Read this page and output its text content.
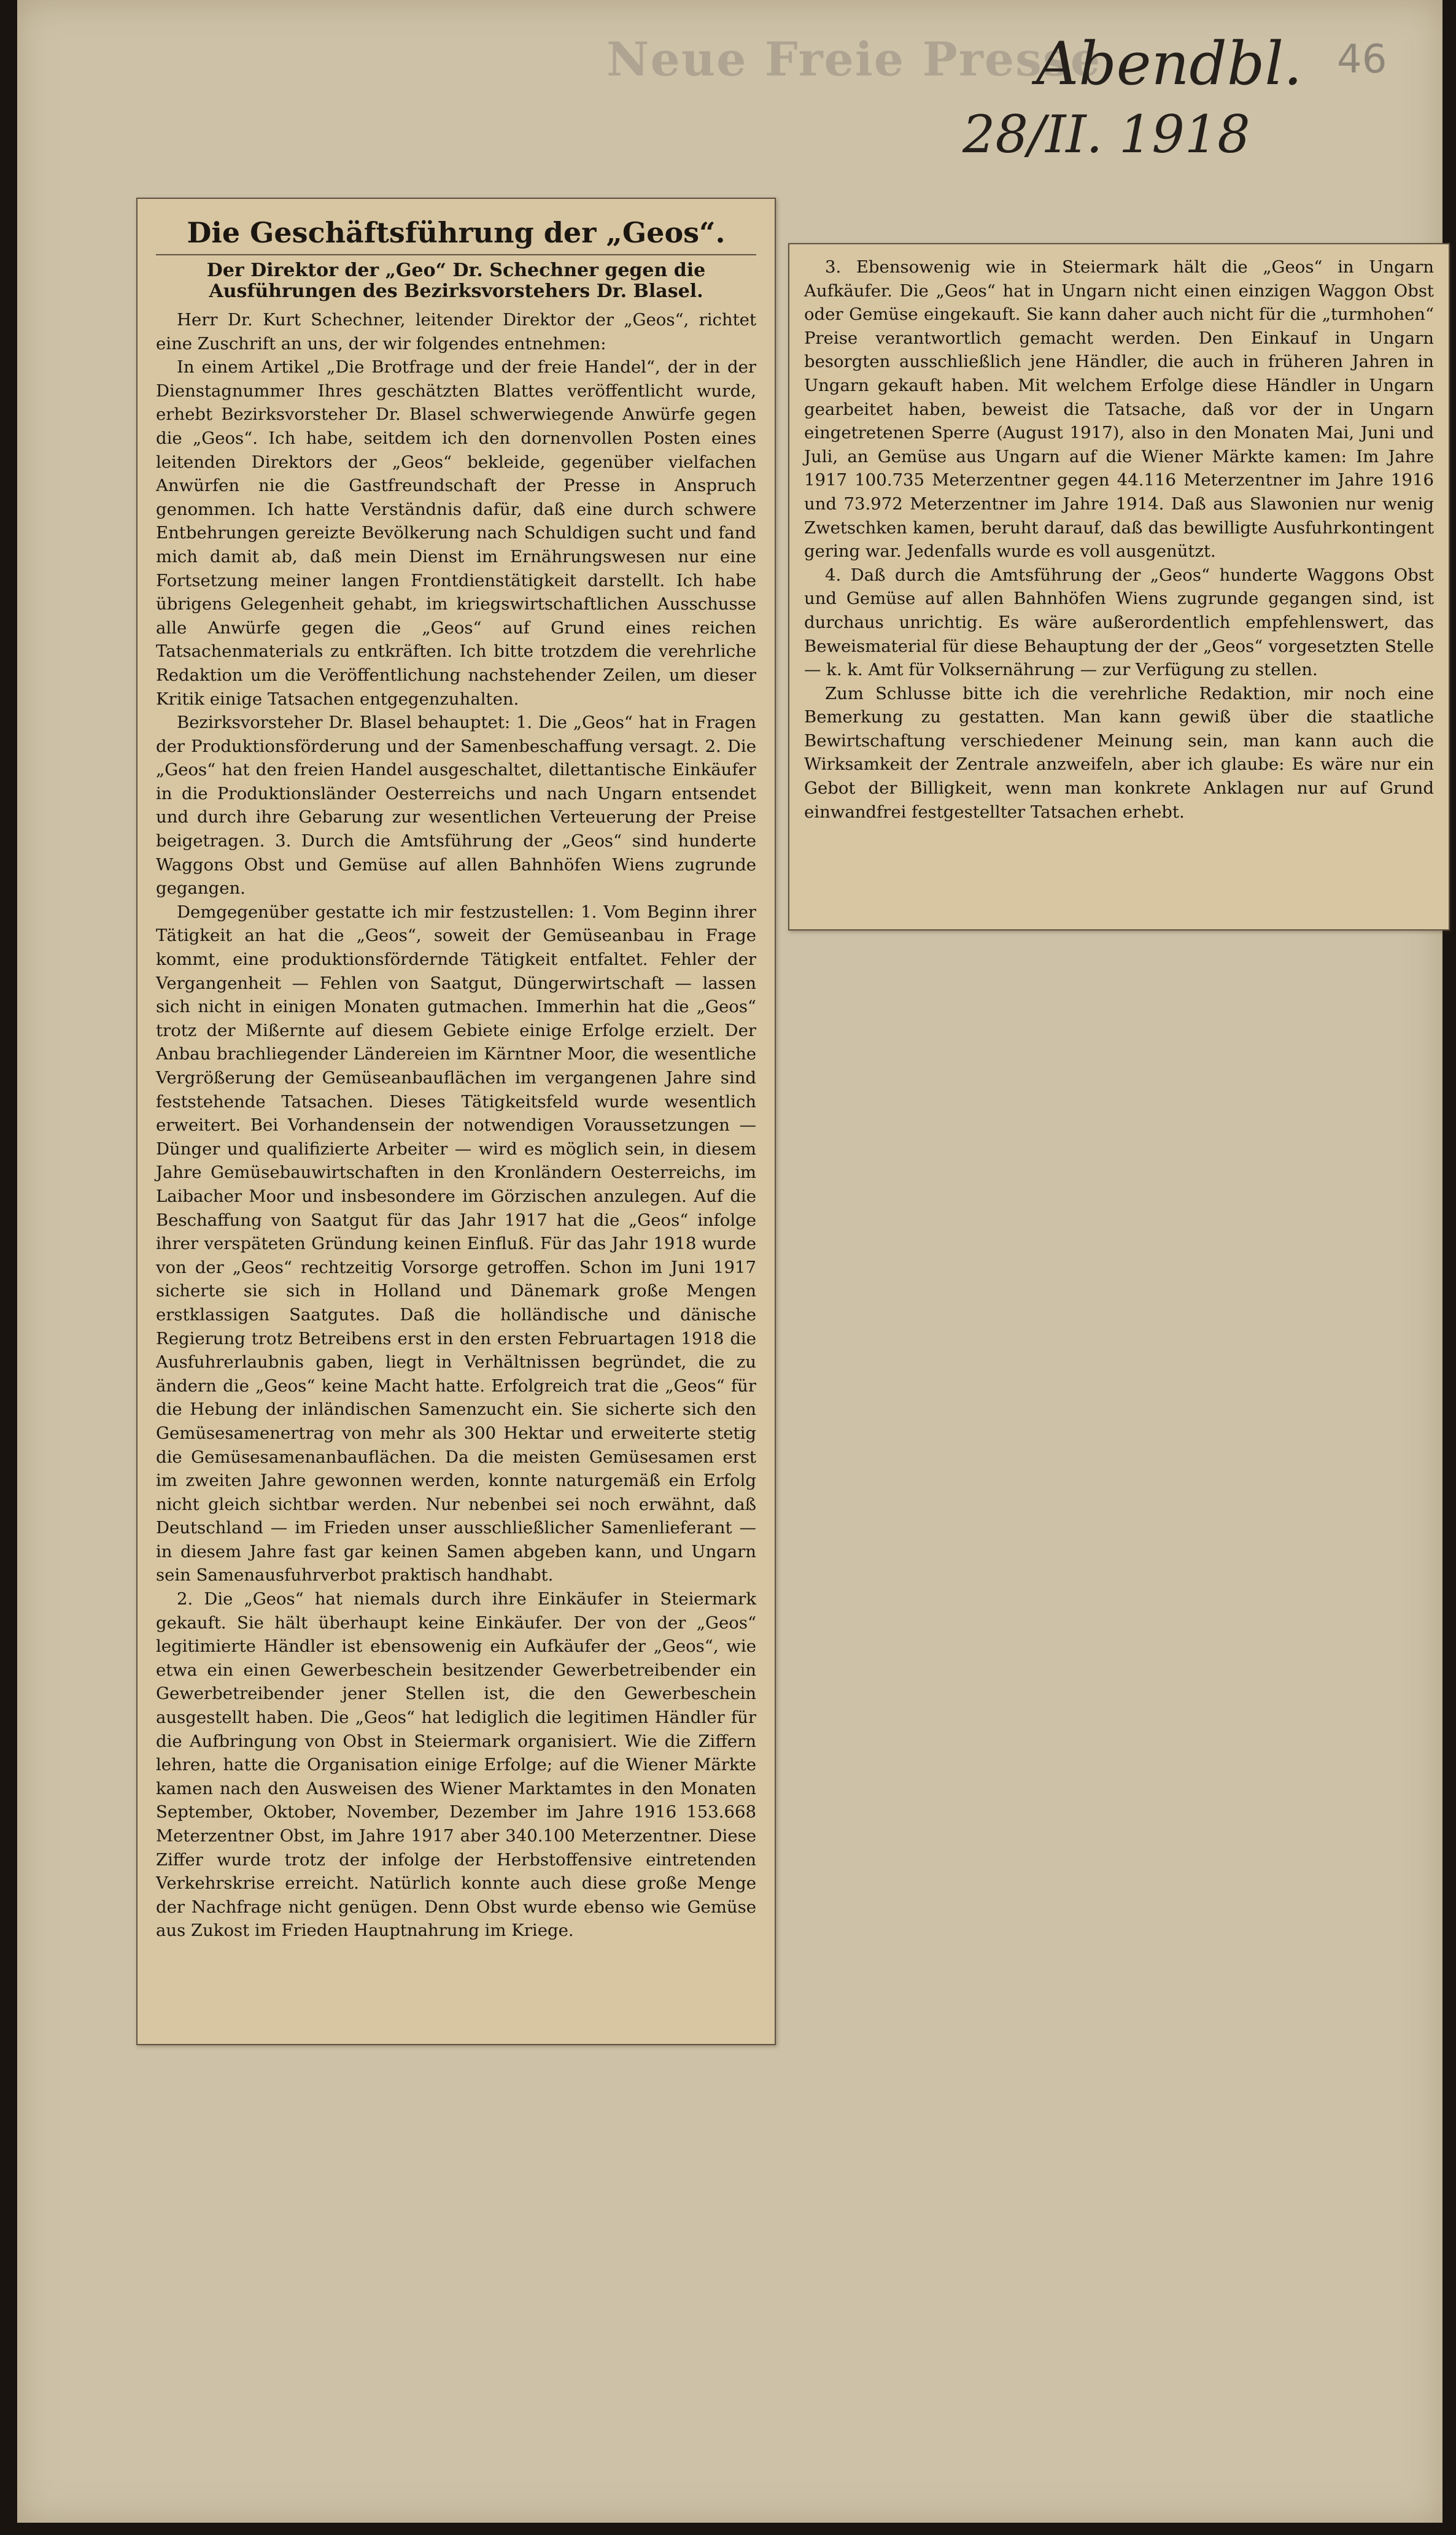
Neue Freie Presse
Abendbl.
28/II. 1918
46
Die Geschäftsführung der „Geos“.
Der Direktor der „Geo“ Dr. Schechner gegen die Ausführungen des Bezirksvorstehers Dr. Blasel.

Herr Dr. Kurt Schechner, leitender Direktor der „Geos“, richtet eine Zuschrift an uns, der wir folgendes entnehmen:

In einem Artikel „Die Brotfrage und der freie Handel“, der in der Dienstagnummer Ihres geschätzten Blattes veröffentlicht wurde, erhebt Bezirksvorsteher Dr. Blasel schwerwiegende Anwürfe gegen die „Geos“. Ich habe, seitdem ich den dornenvollen Posten eines leitenden Direktors der „Geos“ bekleide, gegenüber vielfachen Anwürfen nie die Gastfreundschaft der Presse in Anspruch genommen. Ich hatte Verständnis dafür, daß eine durch schwere Entbehrungen gereizte Bevölkerung nach Schuldigen sucht und fand mich damit ab, daß mein Dienst im Ernährungswesen nur eine Fortsetzung meiner langen Frontdienstätigkeit darstellt. Ich habe übrigens Gelegenheit gehabt, im kriegswirtschaftlichen Ausschusse alle Anwürfe gegen die „Geos“ auf Grund eines reichen Tatsachenmaterials zu entkräften. Ich bitte trotzdem die verehrliche Redaktion um die Veröffentlichung nachstehender Zeilen, um dieser Kritik einige Tatsachen entgegenzuhalten.

Bezirksvorsteher Dr. Blasel behauptet: 1. Die „Geos“ hat in Fragen der Produktionsförderung und der Samenbeschaffung versagt. 2. Die „Geos“ hat den freien Handel ausgeschaltet, dilettantische Einkäufer in die Produktionsländer Oesterreichs und nach Ungarn entsendet und durch ihre Gebarung zur wesentlichen Verteuerung der Preise beigetragen. 3. Durch die Amtsführung der „Geos“ sind hunderte Waggons Obst und Gemüse auf allen Bahnhöfen Wiens zugrunde gegangen.

Demgegenüber gestatte ich mir festzustellen: 1. Vom Beginn ihrer Tätigkeit an hat die „Geos“, soweit der Gemüseanbau in Frage kommt, eine produktionsfördernde Tätigkeit entfaltet. Fehler der Vergangenheit — Fehlen von Saatgut, Düngerwirtschaft — lassen sich nicht in einigen Monaten gutmachen. Immerhin hat die „Geos“ trotz der Mißernte auf diesem Gebiete einige Erfolge erzielt. Der Anbau brachliegender Ländereien im Kärntner Moor, die wesentliche Vergrößerung der Gemüseanbauflächen im vergangenen Jahre sind feststehende Tatsachen. Dieses Tätigkeitsfeld wurde wesentlich erweitert. Bei Vorhandensein der notwendigen Voraussetzungen — Dünger und qualifizierte Arbeiter — wird es möglich sein, in diesem Jahre Gemüsebauwirtschaften in den Kronländern Oesterreichs, im Laibacher Moor und insbesondere im Görzischen anzulegen. Auf die Beschaffung von Saatgut für das Jahr 1917 hat die „Geos“ infolge ihrer verspäteten Gründung keinen Einfluß. Für das Jahr 1918 wurde von der „Geos“ rechtzeitig Vorsorge getroffen. Schon im Juni 1917 sicherte sie sich in Holland und Dänemark große Mengen erstklassigen Saatgutes. Daß die holländische und dänische Regierung trotz Betreibens erst in den ersten Februartagen 1918 die Ausfuhrerlaubnis gaben, liegt in Verhältnissen begründet, die zu ändern die „Geos“ keine Macht hatte. Erfolgreich trat die „Geos“ für die Hebung der inländischen Samenzucht ein. Sie sicherte sich den Gemüsesamenertrag von mehr als 300 Hektar und erweiterte stetig die Gemüsesamenanbauflächen. Da die meisten Gemüsesamen erst im zweiten Jahre gewonnen werden, konnte naturgemäß ein Erfolg nicht gleich sichtbar werden. Nur nebenbei sei noch erwähnt, daß Deutschland — im Frieden unser ausschließlicher Samenlieferant — in diesem Jahre fast gar keinen Samen abgeben kann, und Ungarn sein Samenausfuhrverbot praktisch handhabt.

2. Die „Geos“ hat niemals durch ihre Einkäufer in Steiermark gekauft. Sie hält überhaupt keine Einkäufer. Der von der „Geos“ legitimierte Händler ist ebensowenig ein Aufkäufer der „Geos“, wie etwa ein einen Gewerbeschein besitzender Gewerbetreibender ein Gewerbetreibender jener Stellen ist, die den Gewerbeschein ausgestellt haben. Die „Geos“ hat lediglich die legitimen Händler für die Aufbringung von Obst in Steiermark organisiert. Wie die Ziffern lehren, hatte die Organisation einige Erfolge; auf die Wiener Märkte kamen nach den Ausweisen des Wiener Marktamtes in den Monaten September, Oktober, November, Dezember im Jahre 1916 153.668 Meterzentner Obst, im Jahre 1917 aber 340.100 Meterzentner. Diese Ziffer wurde trotz der infolge der Herbstoffensive eintretenden Verkehrskrise erreicht. Natürlich konnte auch diese große Menge der Nachfrage nicht genügen. Denn Obst wurde ebenso wie Gemüse aus Zukost im Frieden Hauptnahrung im Kriege.

3. Ebensowenig wie in Steiermark hält die „Geos“ in Ungarn Aufkäufer. Die „Geos“ hat in Ungarn nicht einen einzigen Waggon Obst oder Gemüse eingekauft. Sie kann daher auch nicht für die „turmhohen“ Preise verantwortlich gemacht werden. Den Einkauf in Ungarn besorgten ausschließlich jene Händler, die auch in früheren Jahren in Ungarn gekauft haben. Mit welchem Erfolge diese Händler in Ungarn gearbeitet haben, beweist die Tatsache, daß vor der in Ungarn eingetretenen Sperre (August 1917), also in den Monaten Mai, Juni und Juli, an Gemüse aus Ungarn auf die Wiener Märkte kamen: Im Jahre 1917 100.735 Meterzentner gegen 44.116 Meterzentner im Jahre 1916 und 73.972 Meterzentner im Jahre 1914. Daß aus Slawonien nur wenig Zwetschken kamen, beruht darauf, daß das bewilligte Ausfuhrkontingent gering war. Jedenfalls wurde es voll ausgenützt.

4. Daß durch die Amtsführung der „Geos“ hunderte Waggons Obst und Gemüse auf allen Bahnhöfen Wiens zugrunde gegangen sind, ist durchaus unrichtig. Es wäre außerordentlich empfehlenswert, das Beweismaterial für diese Behauptung der der „Geos“ vorgesetzten Stelle — k. k. Amt für Volksernährung — zur Verfügung zu stellen.

Zum Schlusse bitte ich die verehrliche Redaktion, mir noch eine Bemerkung zu gestatten. Man kann gewiß über die staatliche Bewirtschaftung verschiedener Meinung sein, man kann auch die Wirksamkeit der Zentrale anzweifeln, aber ich glaube: Es wäre nur ein Gebot der Billigkeit, wenn man konkrete Anklagen nur auf Grund einwandfrei festgestellter Tatsachen erhebt.
